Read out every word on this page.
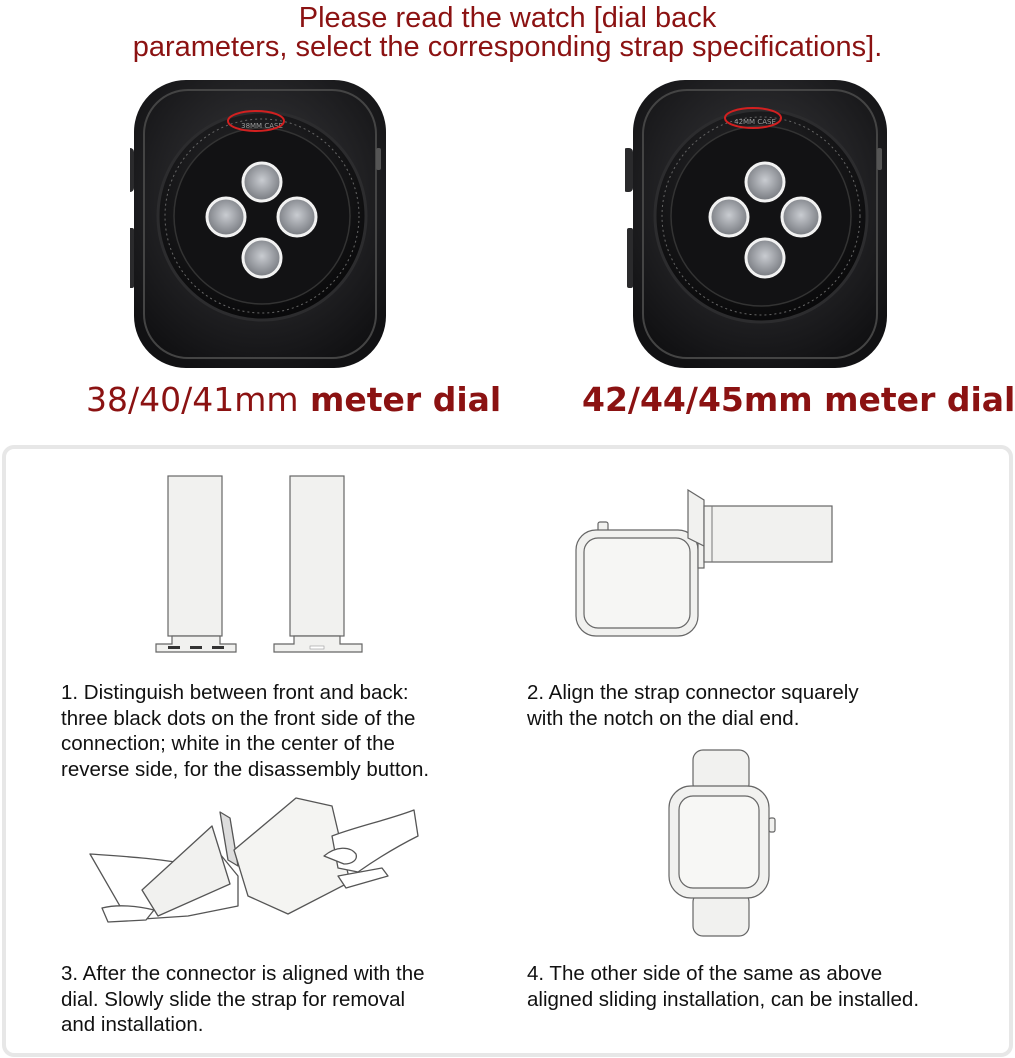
Please read the watch [dial back
parameters, select the corresponding strap specifications].
38MM CASE	42MM CASE
38/40/41mm meter dial 42/44/45mm meter dial
1. Distinguish between front and back:
three black dots on the front side of the
connection; white in the center of the
reverse side, for the disassembly button.
2. Align the strap connector squarely
with the notch on the dial end.
3. After the connector is aligned with the
dial. Slowly slide the strap for removal
and installation.
4. The other side of the same as above
aligned sliding installation, can be installed.
